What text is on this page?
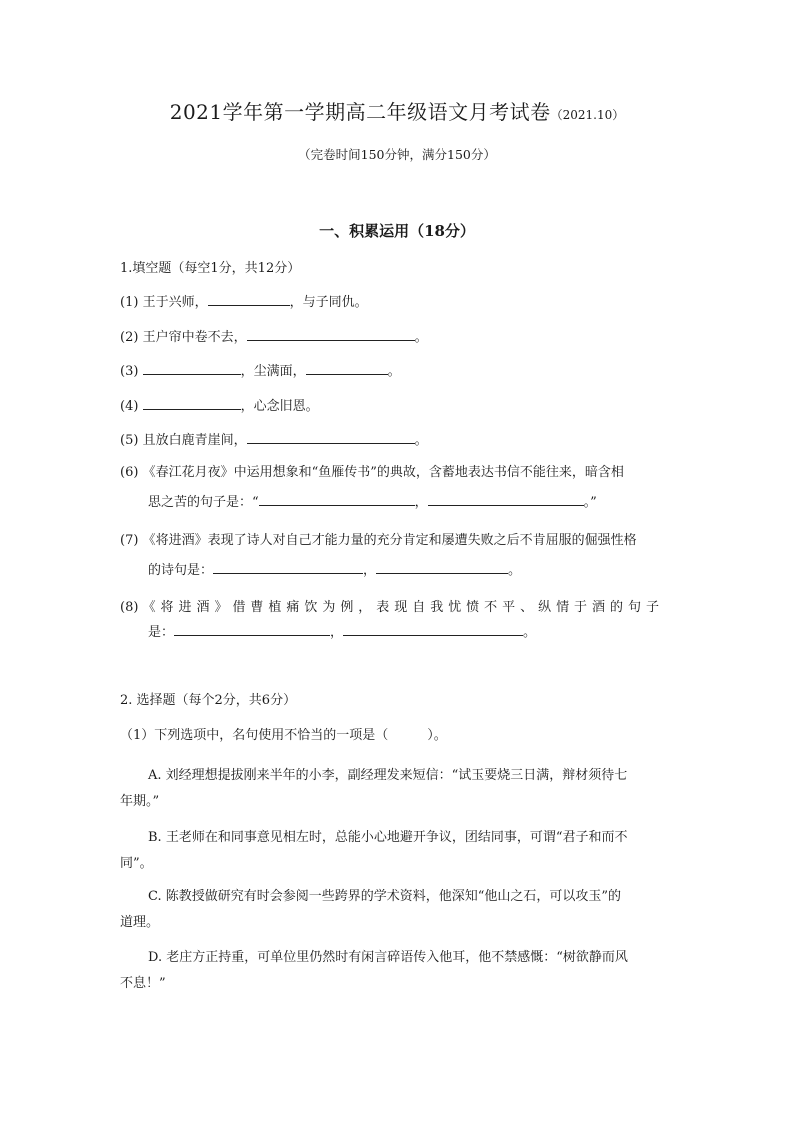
2021学年第一学期高二年级语文月考试卷（2021.10）
（完卷时间150分钟，满分150分）
一、积累运用（18分）
1.填空题（每空1分，共12分）
(1) 王于兴师，	，与子同仇。
(2) 王户帘中卷不去，	。
(3)	，尘满面，	。
(4)	，心念旧恩。
(5) 且放白鹿青崖间，	。
(6) 《春江花月夜》中运用想象和“鱼雁传书”的典故，含蓄地表达书信不能往来，暗含相
思之苦的句子是：“	，	。”
(7) 《将进酒》表现了诗人对自己才能力量的充分肯定和屡遭失败之后不肯屈服的倔强性格
的诗句是：	，	。
(8) 《将进酒》借曹植痛饮为例，表现自我忧愤不平、纵情于酒的句子
是：	，	。
2. 选择题（每个2分，共6分）
（1）下列选项中，名句使用不恰当的一项是（　　　）。
A. 刘经理想提拔刚来半年的小李，副经理发来短信：“试玉要烧三日满，辩材须待七
年期。”
B. 王老师在和同事意见相左时，总能小心地避开争议，团结同事，可谓“君子和而不
同”。
C. 陈教授做研究有时会参阅一些跨界的学术资料，他深知“他山之石，可以攻玉”的
道理。
D. 老庄方正持重，可单位里仍然时有闲言碎语传入他耳，他不禁感慨：“树欲静而风
不息！”
